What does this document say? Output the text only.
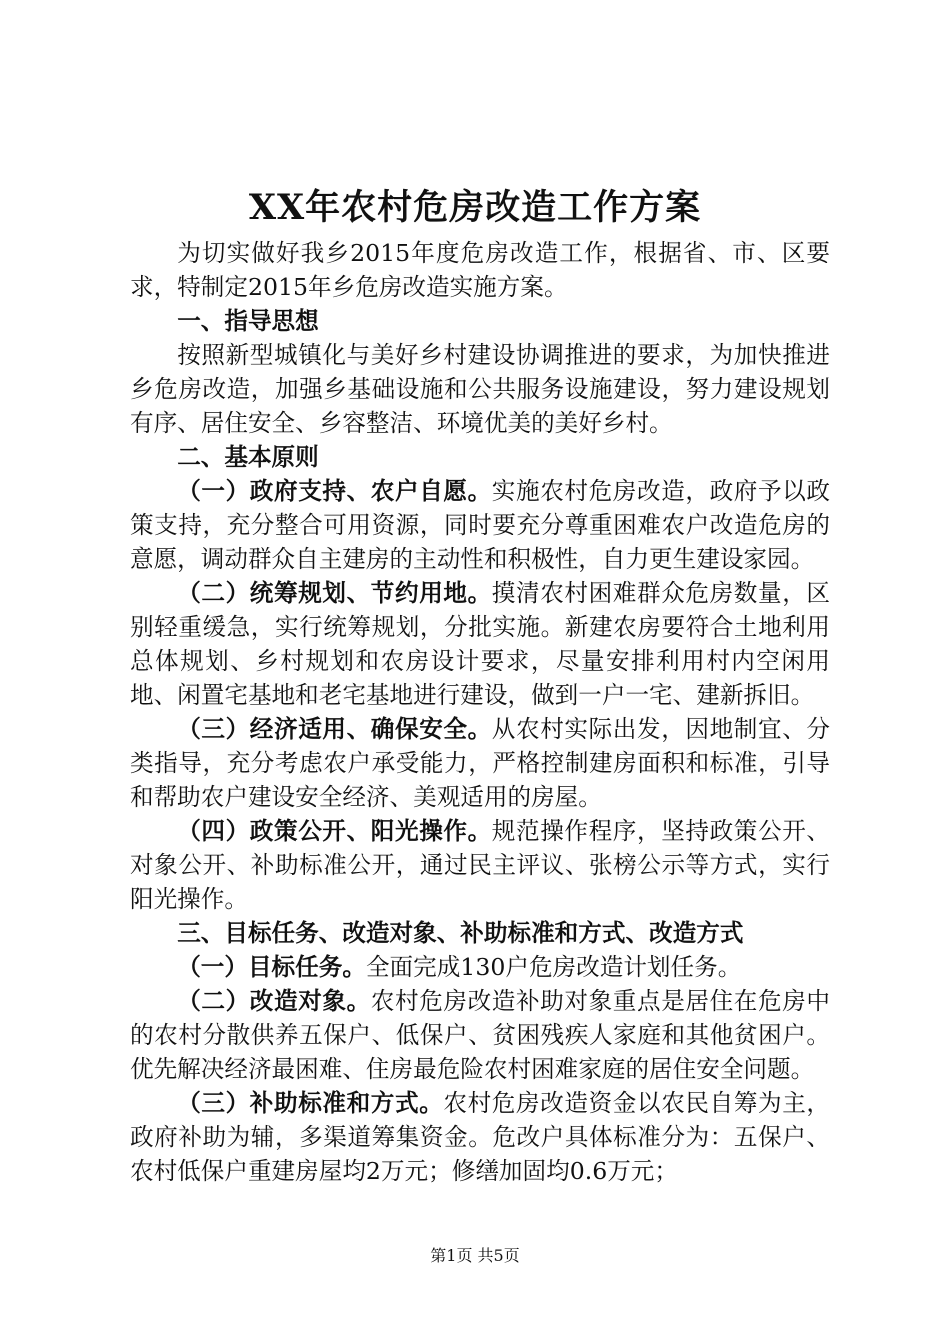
XX年农村危房改造工作方案

为切实做好我乡2015年度危房改造工作，根据省、市、区要求，特制定2015年乡危房改造实施方案。

一、指导思想

按照新型城镇化与美好乡村建设协调推进的要求，为加快推进乡危房改造，加强乡基础设施和公共服务设施建设，努力建设规划有序、居住安全、乡容整洁、环境优美的美好乡村。

二、基本原则

（一）政府支持、农户自愿。实施农村危房改造，政府予以政策支持，充分整合可用资源，同时要充分尊重困难农户改造危房的意愿，调动群众自主建房的主动性和积极性，自力更生建设家园。

（二）统筹规划、节约用地。摸清农村困难群众危房数量，区别轻重缓急，实行统筹规划，分批实施。新建农房要符合土地利用总体规划、乡村规划和农房设计要求，尽量安排利用村内空闲用地、闲置宅基地和老宅基地进行建设，做到一户一宅、建新拆旧。

（三）经济适用、确保安全。从农村实际出发，因地制宜、分类指导，充分考虑农户承受能力，严格控制建房面积和标准，引导和帮助农户建设安全经济、美观适用的房屋。

（四）政策公开、阳光操作。规范操作程序，坚持政策公开、对象公开、补助标准公开，通过民主评议、张榜公示等方式，实行阳光操作。

三、目标任务、改造对象、补助标准和方式、改造方式

（一）目标任务。全面完成130户危房改造计划任务。

（二）改造对象。农村危房改造补助对象重点是居住在危房中的农村分散供养五保户、低保户、贫困残疾人家庭和其他贫困户。优先解决经济最困难、住房最危险农村困难家庭的居住安全问题。

（三）补助标准和方式。农村危房改造资金以农民自筹为主，政府补助为辅，多渠道筹集资金。危改户具体标准分为：五保户、农村低保户重建房屋均2万元；修缮加固均0.6万元；

第1页 共5页
